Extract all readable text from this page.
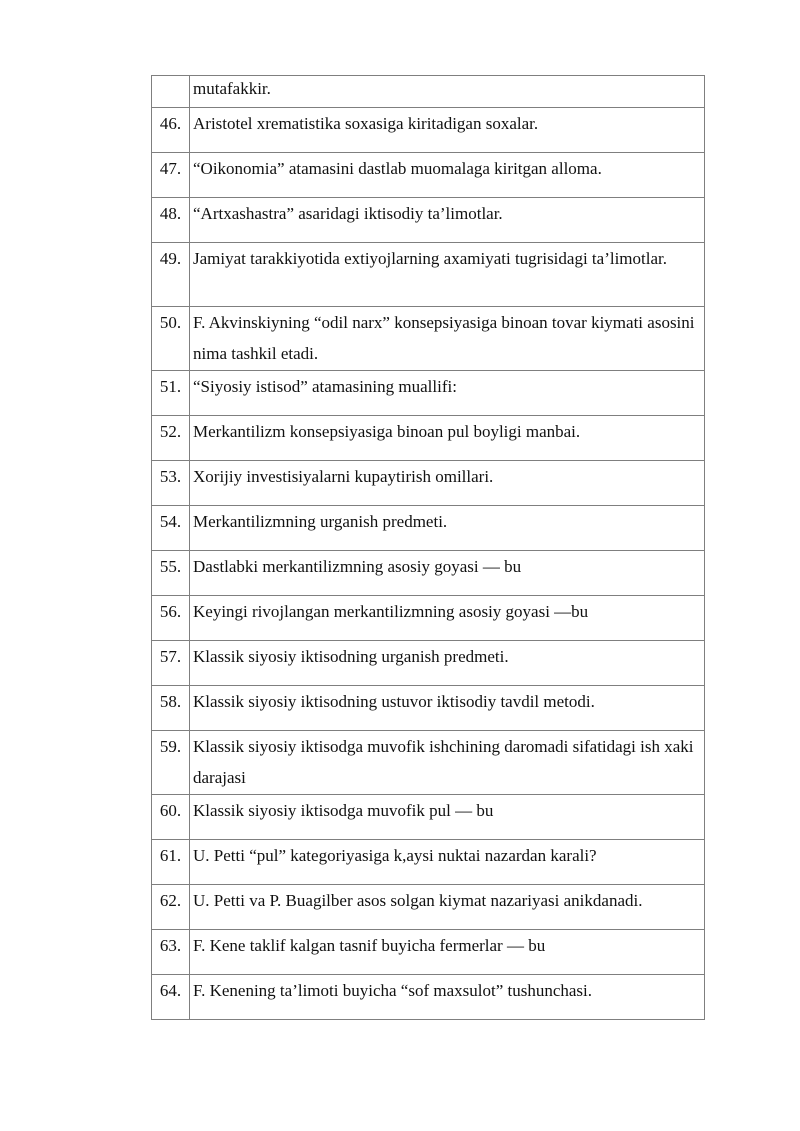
	mutafakkir.
46.	Aristotel xrematistika soxasiga kiritadigan soxalar.
47.	“Oikonomia” atamasini dastlab muomalaga kiritgan alloma.
48.	“Artxashastra” asaridagi iktisodiy ta’limotlar.
49.	Jamiyat tarakkiyotida extiyojlarning axamiyati tugrisidagi ta’limotlar.
50.	F. Akvinskiyning “odil narx” konsepsiyasiga binoan tovar kiymati asosini nima tashkil etadi.
51.	“Siyosiy istisod” atamasining muallifi:
52.	Merkantilizm konsepsiyasiga binoan pul boyligi manbai.
53.	Xorijiy investisiyalarni kupaytirish omillari.
54.	Merkantilizmning urganish predmeti.
55.	Dastlabki merkantilizmning asosiy goyasi — bu
56.	Keyingi rivojlangan merkantilizmning asosiy goyasi —bu
57.	Klassik siyosiy iktisodning urganish predmeti.
58.	Klassik siyosiy iktisodning ustuvor iktisodiy tavdil metodi.
59.	Klassik siyosiy iktisodga muvofik ishchining daromadi sifatidagi ish xaki darajasi
60.	Klassik siyosiy iktisodga muvofik pul — bu
61.	U. Petti “pul” kategoriyasiga k,aysi nuktai nazardan karali?
62.	U. Petti va P. Buagilber asos solgan kiymat nazariyasi anikdanadi.
63.	F. Kene taklif kalgan tasnif buyicha fermerlar — bu
64.	F. Kenening ta’limoti buyicha “sof maxsulot” tushunchasi.
